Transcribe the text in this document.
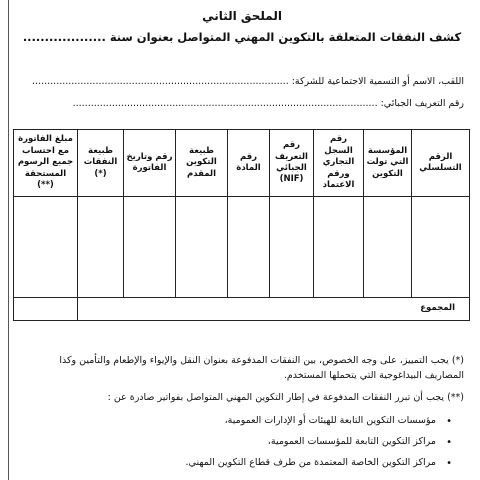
الملحق الثاني
كشف النفقات المتعلقة بالتكوين المهني المتواصل بعنوان سنة ...................
اللقب، الاسم أو التسمية الاجتماعية للشركة: .....................................................................................
رقم التعريف الجبائي: .....................................................................................................
الرقم التسلسلي	المؤسسة التي تولت التكوين	رقم السجل التجاري ورقم الاعتماد	رقم التعريف الجبائي (NIF)	رقم المادة	طبيعة التكوين المقدم	رقم وتاريخ الفاتورة	طبيعة النفقات (*)	مبلغ الفاتورة مع احتساب جميع الرسوم المستحقة (**)

المجموع								

(*) يجب التمييز، على وجه الخصوص، بين النفقات المدفوعة بعنوان النقل والإيواء والإطعام والتأمين وكذا المصاريف البيداغوجية التي يتحملها المستخدم.

(**) يجب أن تبرر النفقات المدفوعة في إطار التكوين المهني المتواصل بفواتير صادرة عن :

•
مؤسسات التكوين التابعة للهيئات أو الإدارات العمومية،
•
مراكز التكوين التابعة للمؤسسات العمومية،
•
مراكز التكوين الخاصة المعتمدة من طرف قطاع التكوين المهني.
